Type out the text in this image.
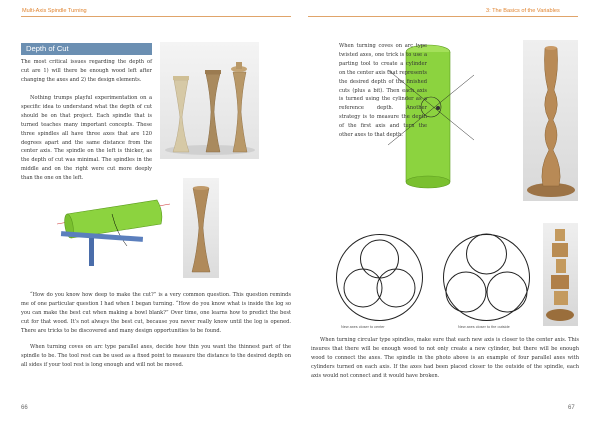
Multi-Axis Spindle Turning	3: The Basics of the Variables
Depth of Cut

The most critical issues regarding the depth of cut are 1) will there be enough wood left after changing the axes and 2) the design elements.

Nothing trumps playful experimentation on a specific idea to understand what the depth of cut should be on that project. Each spindle that is turned teaches many important concepts. These three spindles all have three axes that are 120 degrees apart and the same distance from the center axis. The spindle on the left is thicker, as the depth of cut was minimal. The spindles in the middle and on the right were cut more deeply than the one on the left.

“How do you know how deep to make the cut?” is a very common question. This question reminds me of one particular question I had when I began turning. “How do you know what is inside the log so you can make the best cut when making a bowl blank?” Over time, one learns how to predict the best cut for that wood. It’s not always the best cut, because you never really know until the log is opened. There are tricks to be discovered and many design opportunities to be found.

When turning coves on arc type parallel axes, decide how thin you want the thinnest part of the spindle to be. The tool rest can be used as a fixed point to measure the distance to the desired depth on all sides if your tool rest is long enough and will not be moved.

When turning coves on arc type twisted axes, one trick is to use a parting tool to create a cylinder on the center axis that represents the desired depth of the finished cuts (plus a bit). Then each axis is turned using the cylinder as a reference depth. Another strategy is to measure the depth of the first axis and turn the other axes to that depth.

New axes closer to center	New axes closer to the outside

When turning circular type spindles, make sure that each new axis is closer to the center axis. This insures that there will be enough wood to not only create a new cylinder, but there will be enough wood to connect the axes. The spindle in the photo above is an example of four parallel axes with cylinders turned on each axis. If the axes had been placed closer to the outside of the spindle, each axis would not connect and it would have broken.

66	67
